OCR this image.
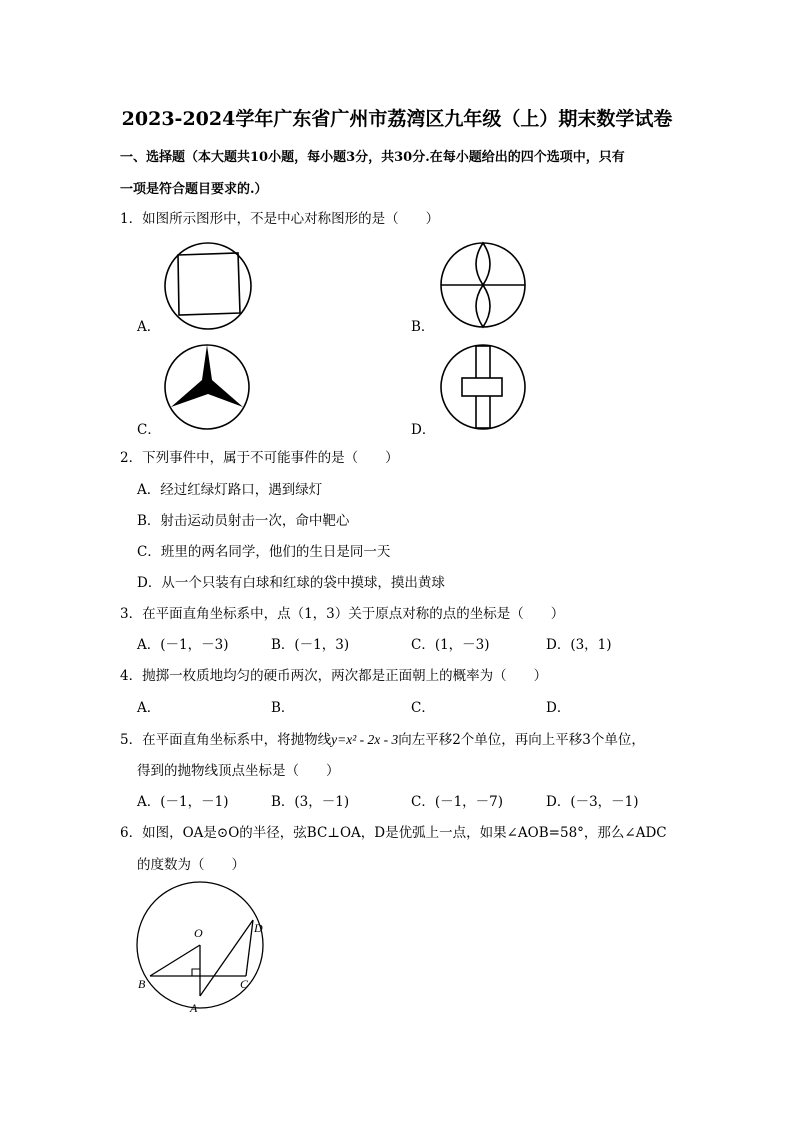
2023-2024学年广东省广州市荔湾区九年级（上）期末数学试卷
一、选择题（本大题共10小题，每小题3分，共30分.在每小题给出的四个选项中，只有
一项是符合题目要求的.）
1．如图所示图形中，不是中心对称图形的是（　　）
A．	B．
C．	D．
2．下列事件中，属于不可能事件的是（　　）
A．经过红绿灯路口，遇到绿灯
B．射击运动员射击一次，命中靶心
C．班里的两名同学，他们的生日是同一天
D．从一个只装有白球和红球的袋中摸球，摸出黄球
3．在平面直角坐标系中，点（1，3）关于原点对称的点的坐标是（　　）
A．(－1，－3)	B．(－1，3)	C．(1，－3)	D．(3，1)
4．抛掷一枚质地均匀的硬币两次，两次都是正面朝上的概率为（　　）
A．	B．	C．	D．
5．在平面直角坐标系中，将抛物线y=x² - 2x - 3向左平移2个单位，再向上平移3个单位，
得到的抛物线顶点坐标是（　　）
A．(－1，－1)	B．(3，－1)	C．(－1，－7)	D．(－3，－1)
6．如图，OA是⊙O的半径，弦BC⊥OA，D是优弧上一点，如果∠AOB=58°，那么∠ADC
的度数为（　　）
O	D
B	C
A
